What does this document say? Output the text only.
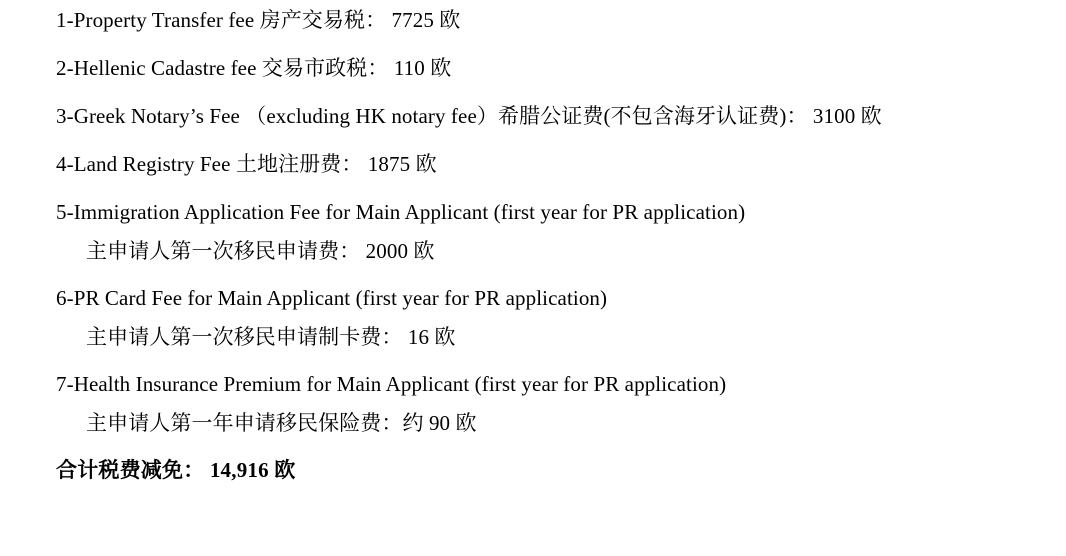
1-Property Transfer fee 房产交易税： 7725 欧

2-Hellenic Cadastre fee 交易市政税： 110 欧

3-Greek Notary’s Fee （excluding HK notary fee）希腊公证费(不包含海牙认证费)： 3100 欧

4-Land Registry Fee 土地注册费： 1875 欧

5-Immigration Application Fee for Main Applicant (first year for PR application)

主申请人第一次移民申请费： 2000 欧

6-PR Card Fee for Main Applicant (first year for PR application)

主申请人第一次移民申请制卡费： 16 欧

7-Health Insurance Premium for Main Applicant (first year for PR application)

主申请人第一年申请移民保险费：约 90 欧

合计税费减免： 14,916 欧
